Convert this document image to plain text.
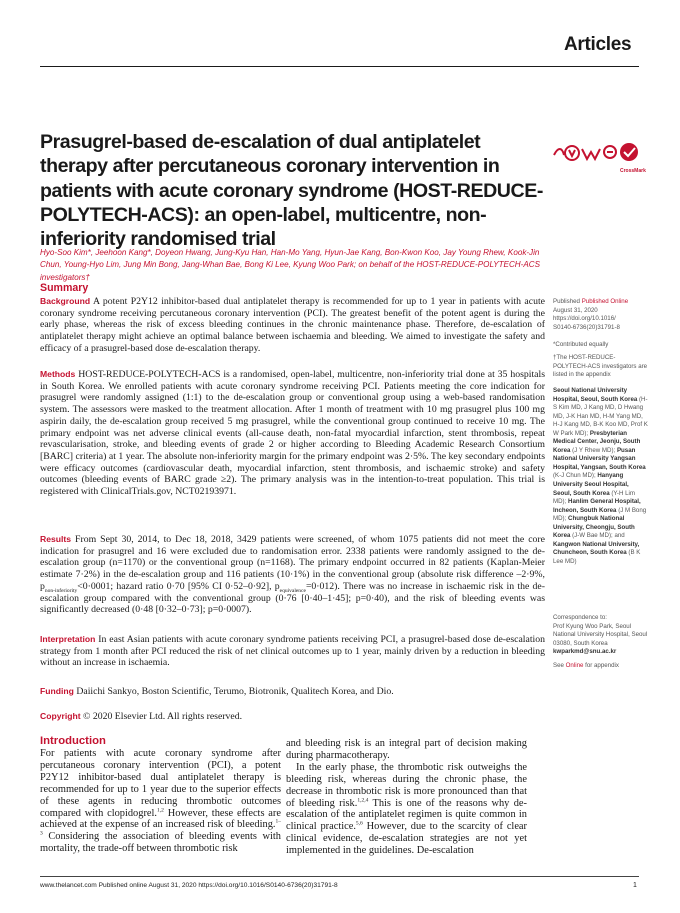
Articles
Prasugrel-based de-escalation of dual antiplatelet therapy after percutaneous coronary intervention in patients with acute coronary syndrome (HOST-REDUCE-POLYTECH-ACS): an open-label, multicentre, non-inferiority randomised trial
CrossMark

Hyo-Soo Kim*, Jeehoon Kang*, Doyeon Hwang, Jung-Kyu Han, Han-Mo Yang, Hyun-Jae Kang, Bon-Kwon Koo, Jay Young Rhew, Kook-Jin Chun, Young-Hyo Lim, Jung Min Bong, Jang-Whan Bae, Bong Ki Lee, Kyung Woo Park; on behalf of the HOST-REDUCE-POLYTECH-ACS investigators†

Summary

Background A potent P2Y12 inhibitor-based dual antiplatelet therapy is recommended for up to 1 year in patients with acute coronary syndrome receiving percutaneous coronary intervention (PCI). The greatest benefit of the potent agent is during the early phase, whereas the risk of excess bleeding continues in the chronic maintenance phase. Therefore, de-escalation of antiplatelet therapy might achieve an optimal balance between ischaemia and bleeding. We aimed to investigate the safety and efficacy of a prasugrel-based dose de-escalation therapy.

Methods HOST-REDUCE-POLYTECH-ACS is a randomised, open-label, multicentre, non-inferiority trial done at 35 hospitals in South Korea. We enrolled patients with acute coronary syndrome receiving PCI. Patients meeting the core indication for prasugrel were randomly assigned (1:1) to the de-escalation group or conventional group using a web-based randomisation system. The assessors were masked to the treatment allocation. After 1 month of treatment with 10 mg prasugrel plus 100 mg aspirin daily, the de-escalation group received 5 mg prasugrel, while the conventional group continued to receive 10 mg. The primary endpoint was net adverse clinical events (all-cause death, non-fatal myocardial infarction, stent thrombosis, repeat revascularisation, stroke, and bleeding events of grade 2 or higher according to Bleeding Academic Research Consortium [BARC] criteria) at 1 year. The absolute non-inferiority margin for the primary endpoint was 2·5%. The key secondary endpoints were efficacy outcomes (cardiovascular death, myocardial infarction, stent thrombosis, and ischaemic stroke) and safety outcomes (bleeding events of BARC grade ≥2). The primary analysis was in the intention-to-treat population. This trial is registered with ClinicalTrials.gov, NCT02193971.

Results From Sept 30, 2014, to Dec 18, 2018, 3429 patients were screened, of whom 1075 patients did not meet the core indication for prasugrel and 16 were excluded due to randomisation error. 2338 patients were randomly assigned to the de-escalation group (n=1170) or the conventional group (n=1168). The primary endpoint occurred in 82 patients (Kaplan-Meier estimate 7·2%) in the de-escalation group and 116 patients (10·1%) in the conventional group (absolute risk difference –2·9%, $p_{non-inferiority}<0\cdot 0001$; hazard ratio 0·70 [95% CI 0·52–0·92], $p_{equivalence}=0\cdot 012$). There was no increase in ischaemic risk in the de-escalation group compared with the conventional group (0·76 [0·40–1·45]; p=0·40), and the risk of bleeding events was significantly decreased (0·48 [0·32–0·73]; p=0·0007).

Interpretation In east Asian patients with acute coronary syndrome patients receiving PCI, a prasugrel-based dose de-escalation strategy from 1 month after PCI reduced the risk of net clinical outcomes up to 1 year, mainly driven by a reduction in bleeding without an increase in ischaemia.

Funding Daiichi Sankyo, Boston Scientific, Terumo, Biotronik, Qualitech Korea, and Dio.

Copyright © 2020 Elsevier Ltd. All rights reserved.

Introduction

For patients with acute coronary syndrome after percutaneous coronary intervention (PCI), a potent P2Y12 inhibitor-based dual antiplatelet therapy is recommended for up to 1 year due to the superior effects of these agents in reducing thrombotic outcomes compared with clopidogrel.$^{1,2}$ However, these effects are achieved at the expense of an increased risk of bleeding.$^{1-3}$ Considering the association of bleeding events with mortality, the trade-off between thrombotic risk

and bleeding risk is an integral part of decision making during pharmacotherapy.
In the early phase, the thrombotic risk outweighs the bleeding risk, whereas during the chronic phase, the decrease in thrombotic risk is more pronounced than that of bleeding risk.$^{1,2,4}$ This is one of the reasons why de-escalation of the antiplatelet regimen is quite common in clinical practice.$^{5,6}$ However, due to the scarcity of clear clinical evidence, de-escalation strategies are not yet implemented in the guidelines. De-escalation

Published Published Online
August 31, 2020
https://doi.org/10.1016/
S0140-6736(20)31791-8
*Contributed equally
†The HOST-REDUCE-POLYTECH-ACS investigators are listed in the appendix
Seoul National University Hospital, Seoul, South Korea (H-S Kim MD, J Kang MD, D Hwang MD, J-K Han MD, H-M Yang MD, H-J Kang MD, B-K Koo MD, Prof K W Park MD); Presbyterian Medical Center, Jeonju, South Korea (J Y Rhew MD); Pusan National University Yangsan Hospital, Yangsan, South Korea (K-J Chun MD); Hanyang University Seoul Hospital, Seoul, South Korea (Y-H Lim MD); Hanlim General Hospital, Incheon, South Korea (J M Bong MD); Chungbuk National University, Cheongju, South Korea (J-W Bae MD); and Kangwon National University, Chuncheon, South Korea (B K Lee MD)
Correspondence to:
Prof Kyung Woo Park, Seoul National University Hospital, Seoul 03080, South Korea
kwparkmd@snu.ac.kr
See Online for appendix
www.thelancet.com Published online August 31, 2020 https://doi.org/10.1016/S0140-6736(20)31791-8	1
